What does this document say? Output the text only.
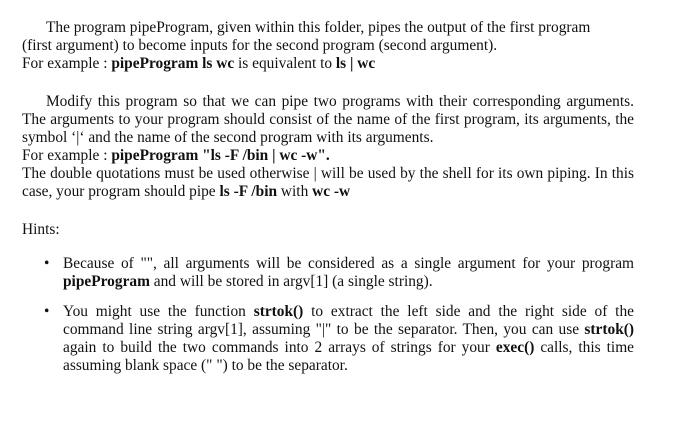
The program pipeProgram, given within this folder, pipes the output of the first program

(first argument) to become inputs for the second program (second argument).

For example : pipeProgram ls wc is equivalent to ls | wc

Modify this program so that we can pipe two programs with their corresponding arguments. The arguments to your program should consist of the name of the first program, its arguments, the symbol ‘|‘ and the name of the second program with its arguments.

For example : pipeProgram "ls -F /bin | wc -w".

The double quotations must be used otherwise | will be used by the shell for its own piping. In this case, your program should pipe ls -F /bin with wc -w

Hints:

• Because of "", all arguments will be considered as a single argument for your program pipeProgram and will be stored in argv[1] (a single string).
• You might use the function strtok() to extract the left side and the right side of the command line string argv[1], assuming "|" to be the separator. Then, you can use strtok() again to build the two commands into 2 arrays of strings for your exec() calls, this time assuming blank space (" ") to be the separator.
